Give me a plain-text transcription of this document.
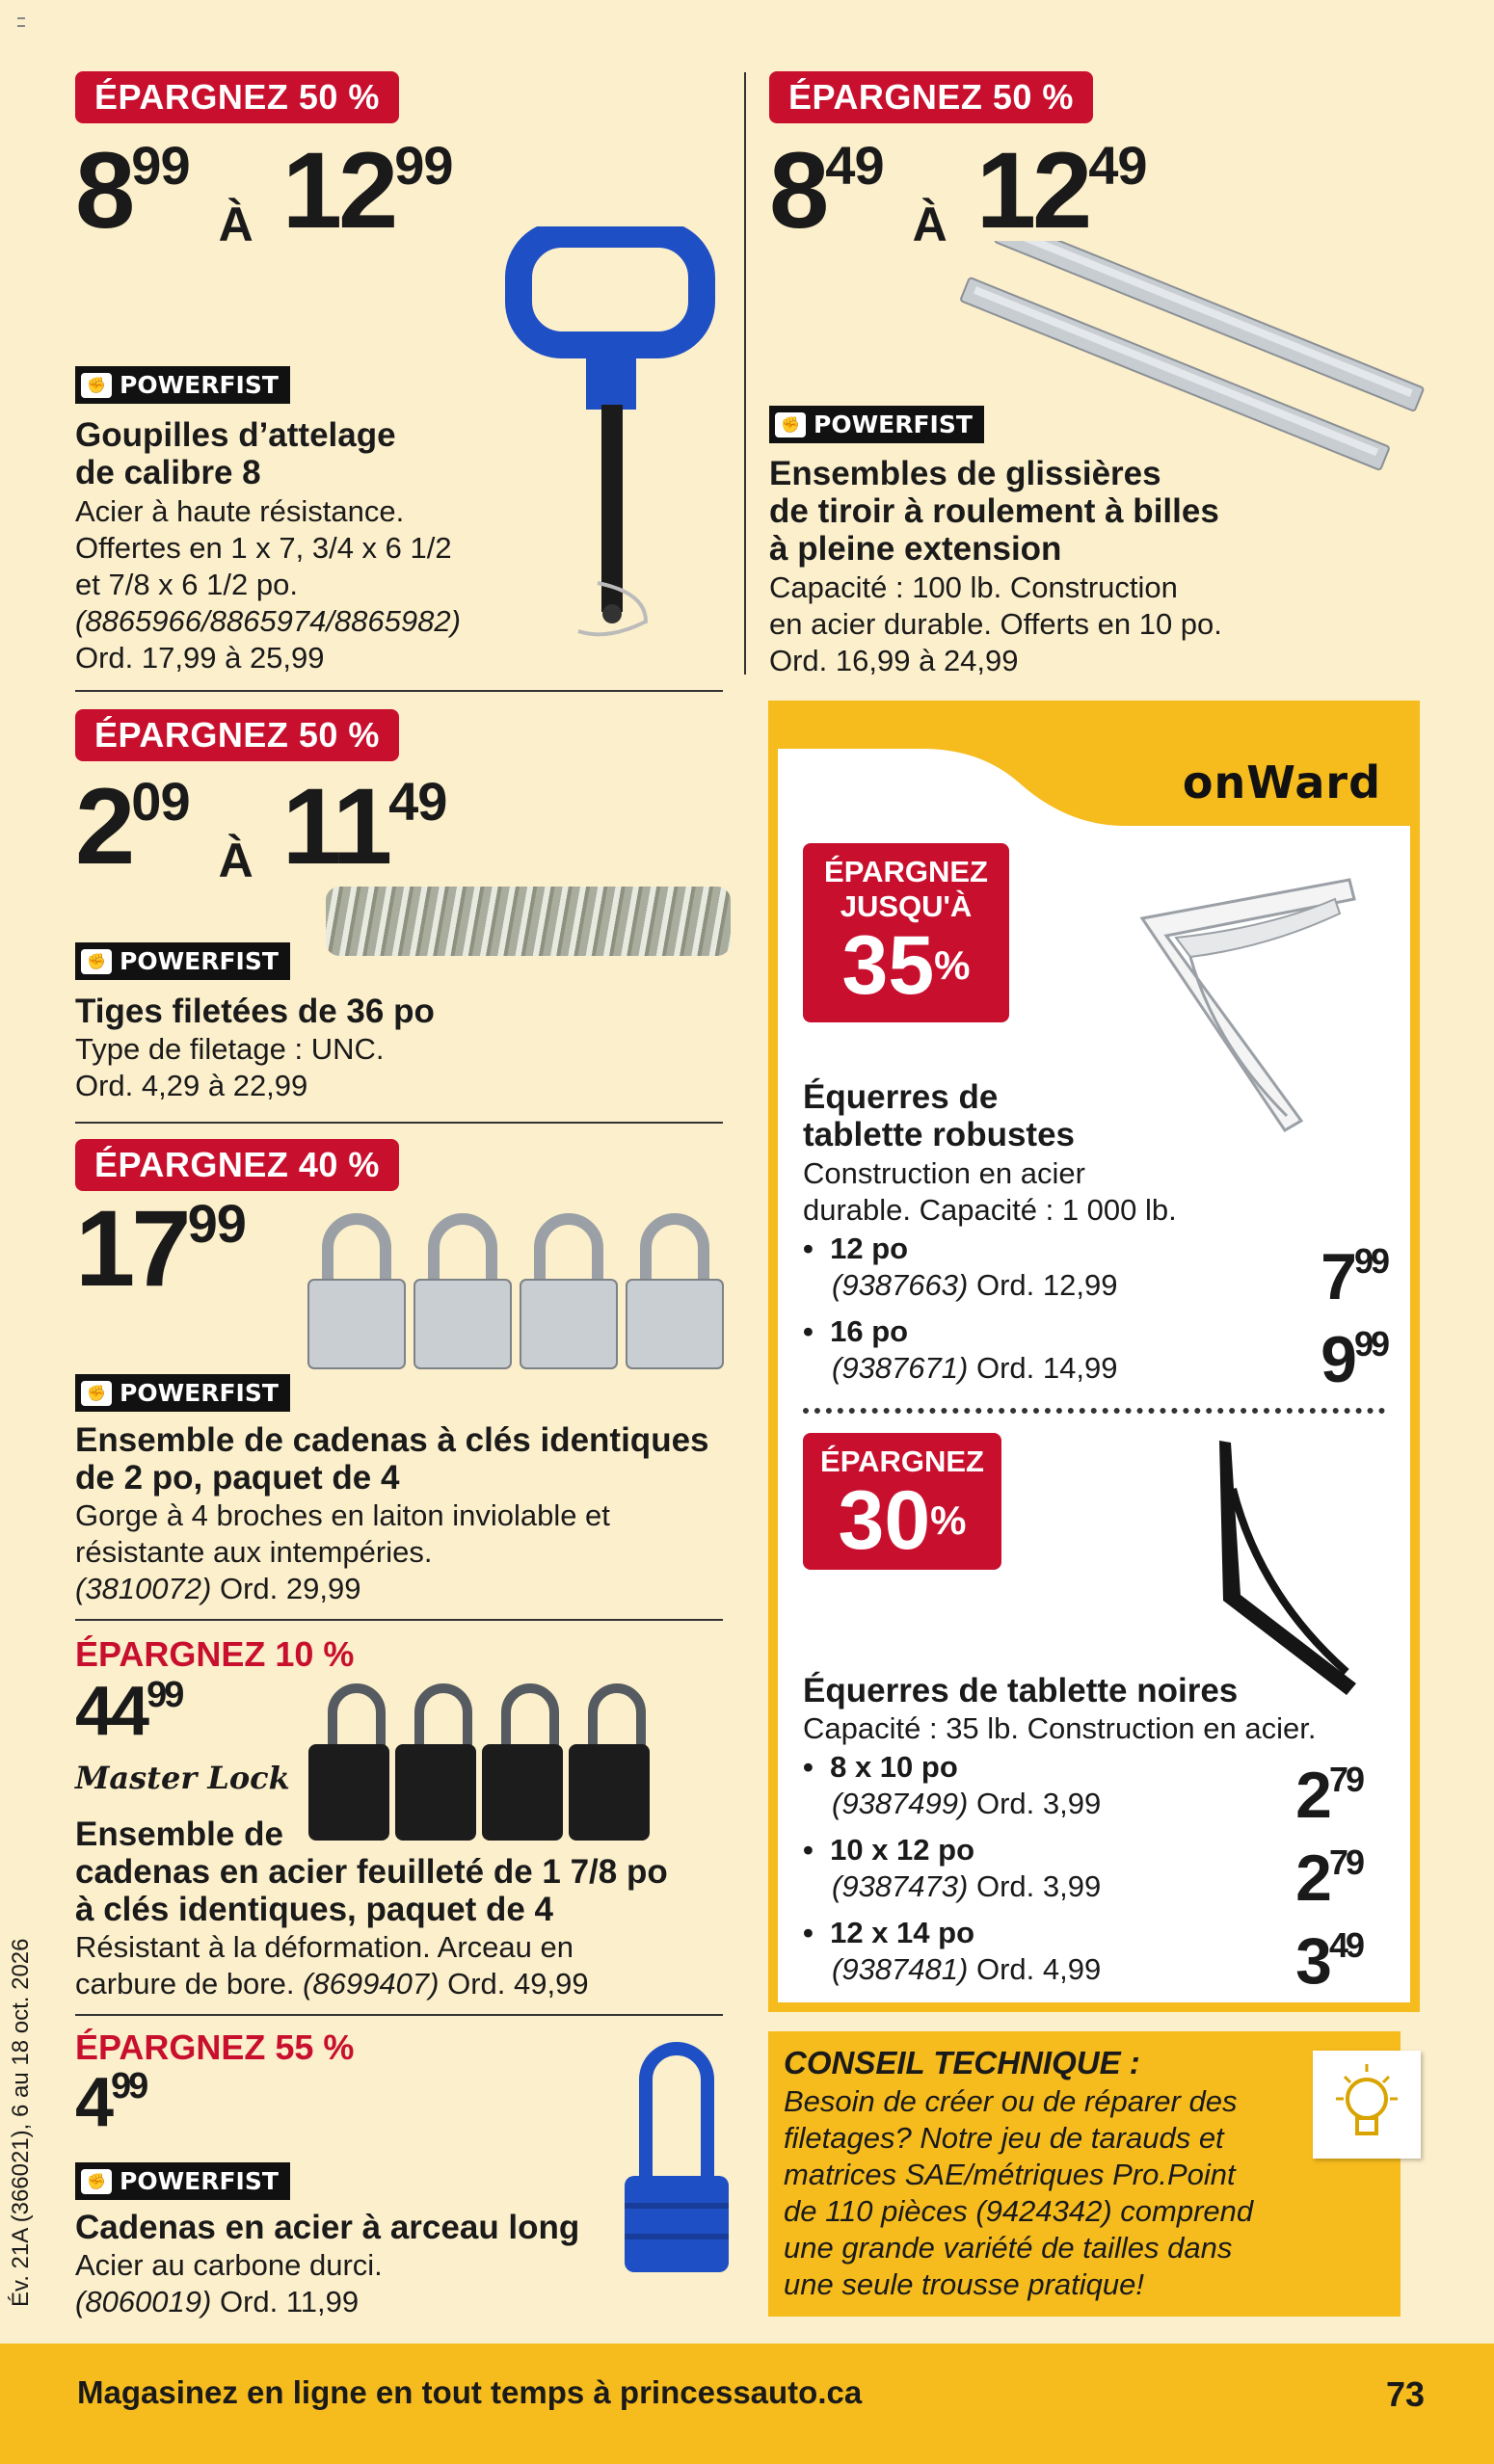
ÉPARGNEZ 50 %
$8^{99}À$ $12^{99}$
✊ POWERFIST
Goupilles d’attelage
de calibre 8
Acier à haute résistance.
Offertes en 1 x 7, 3/4 x 6 1/2
et 7/8 x 6 1/2 po.
(8865966/8865974/8865982)
Ord. 17,99 à 25,99
ÉPARGNEZ 50 %
$8^{49}À$ $12^{49}$
✊ POWERFIST
Ensembles de glissières
de tiroir à roulement à billes
à pleine extension
Capacité : 100 lb. Construction
en acier durable. Offerts en 10 po.
Ord. 16,99 à 24,99
ÉPARGNEZ 50 %
$2^{09}À$ $11^{49}$
✊ POWERFIST
Tiges filetées de 36 po
Type de filetage : UNC.
Ord. 4,29 à 22,99
ÉPARGNEZ 40 %
$17^{99}$
✊ POWERFIST
Ensemble de cadenas à clés identiques
de 2 po, paquet de 4
Gorge à 4 broches en laiton inviolable et
résistante aux intempéries.
(3810072) Ord. 29,99
ÉPARGNEZ 10 %
$44^{99}$
Master Lock
Ensemble de
cadenas en acier feuilleté de 1 7/8 po
à clés identiques, paquet de 4
Résistant à la déformation. Arceau en
carbure de bore. (8699407) Ord. 49,99
ÉPARGNEZ 55 %
$4^{99}$
✊ POWERFIST
Cadenas en acier à arceau long
Acier au carbone durci.
(8060019) Ord. 11,99
Év. 21A (366021), 6 au 18 oct. 2026
onWard
ÉPARGNEZ
JUSQU'À
35%
Équerres de
tablette robustes
Construction en acier
durable. Capacité : 1 000 lb.
•  12 po
(9387663) Ord. 12,99	$7^{99}$
•  16 po
(9387671) Ord. 14,99	$9^{99}$
ÉPARGNEZ
30%
Équerres de tablette noires
Capacité : 35 lb. Construction en acier.
•  8 x 10 po
(9387499) Ord. 3,99	$2^{79}$
•  10 x 12 po
(9387473) Ord. 3,99	$2^{79}$
•  12 x 14 po
(9387481) Ord. 4,99	$3^{49}$
CONSEIL TECHNIQUE :
Besoin de créer ou de réparer des
filetages? Notre jeu de tarauds et
matrices SAE/métriques Pro.Point
de 110 pièces (9424342) comprend
une grande variété de tailles dans
une seule trousse pratique!
Magasinez en ligne en tout temps à princessauto.ca	73
